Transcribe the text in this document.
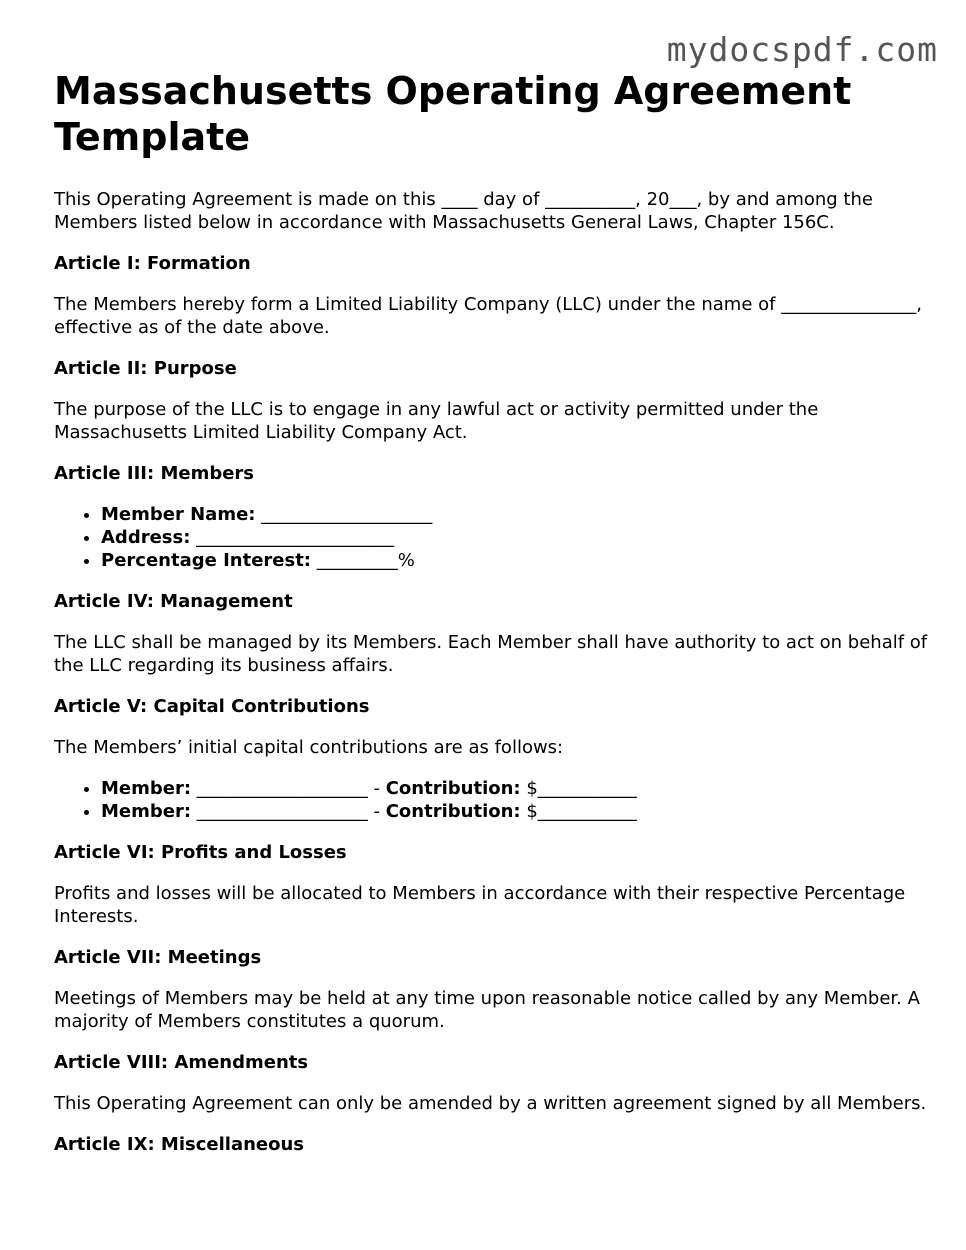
mydocspdf.com
Massachusetts Operating Agreement Template

This Operating Agreement is made on this ____ day of __________, 20___, by and among the Members listed below in accordance with Massachusetts General Laws, Chapter 156C.

Article I: Formation

The Members hereby form a Limited Liability Company (LLC) under the name of _______________, effective as of the date above.

Article II: Purpose

The purpose of the LLC is to engage in any lawful act or activity permitted under the Massachusetts Limited Liability Company Act.

Article III: Members
• Member Name: ___________________
• Address: ______________________
• Percentage Interest: _________%
Article IV: Management

The LLC shall be managed by its Members. Each Member shall have authority to act on behalf of the LLC regarding its business affairs.

Article V: Capital Contributions

The Members’ initial capital contributions are as follows:

• Member: ___________________ - Contribution: $___________
• Member: ___________________ - Contribution: $___________
Article VI: Profits and Losses

Profits and losses will be allocated to Members in accordance with their respective Percentage Interests.

Article VII: Meetings

Meetings of Members may be held at any time upon reasonable notice called by any Member. A majority of Members constitutes a quorum.

Article VIII: Amendments

This Operating Agreement can only be amended by a written agreement signed by all Members.

Article IX: Miscellaneous
